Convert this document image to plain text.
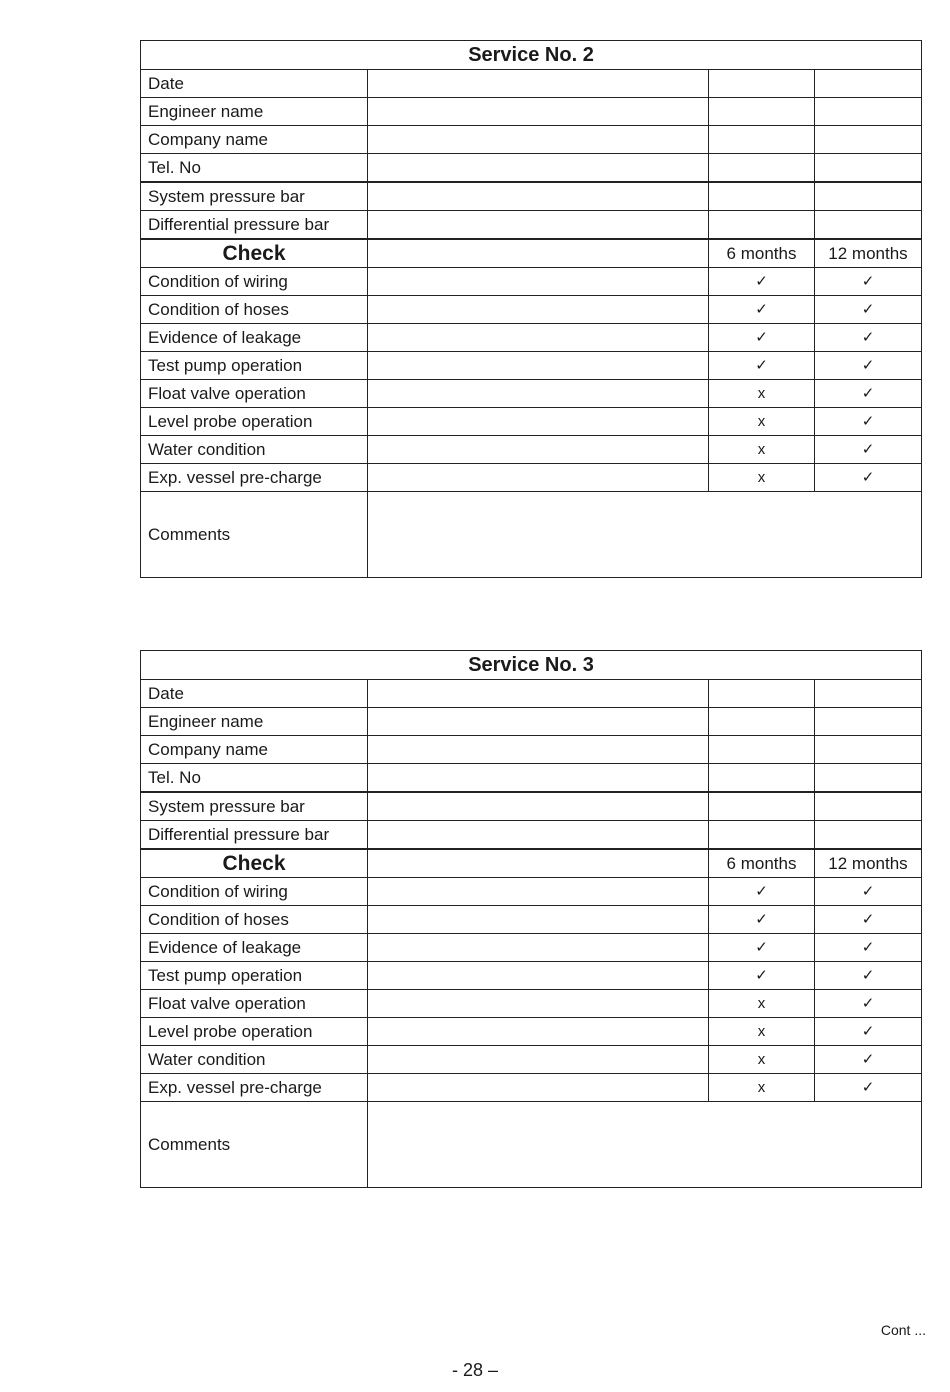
Service No. 2			
Date			
Engineer name			
Company name			
Tel. No			
System pressure bar			
Differential pressure bar			
Check		6 months	12 months
Condition of wiring		✓	✓
Condition of hoses		✓	✓
Evidence of leakage		✓	✓
Test pump operation		✓	✓
Float valve operation		x	✓
Level probe operation		x	✓
Water condition		x	✓
Exp. vessel pre-charge		x	✓
Comments			
Service No. 3			
Date			
Engineer name			
Company name			
Tel. No			
System pressure bar			
Differential pressure bar			
Check		6 months	12 months
Condition of wiring		✓	✓
Condition of hoses		✓	✓
Evidence of leakage		✓	✓
Test pump operation		✓	✓
Float valve operation		x	✓
Level probe operation		x	✓
Water condition		x	✓
Exp. vessel pre-charge		x	✓
Comments			
Cont ...
- 28 –
